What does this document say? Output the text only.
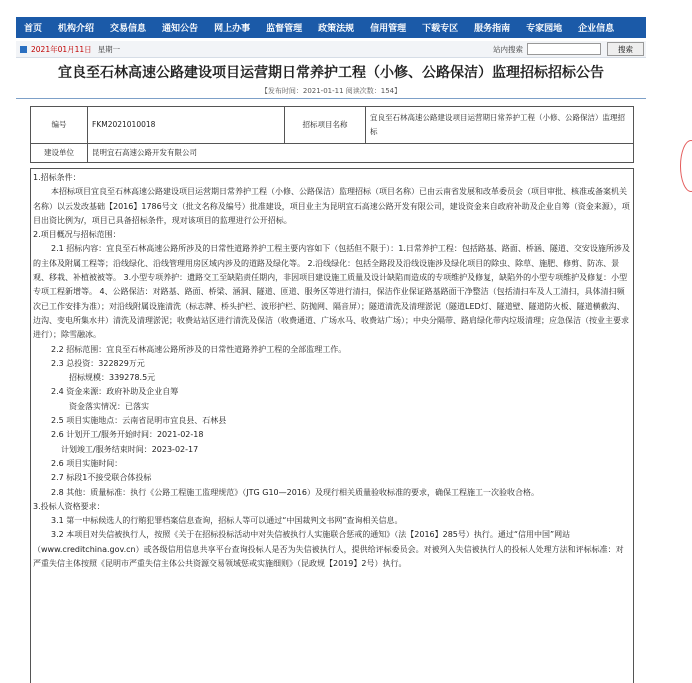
首页	机构介绍	交易信息	通知公告	网上办事	监督管理	政策法规	信用管理	下载专区	服务指南	专家园地	企业信息
2021年01月11日 星期一	站内搜索	搜索
宜良至石林高速公路建设项目运营期日常养护工程（小修、公路保洁）监理招标招标公告
【发布时间：2021-01-11 阅读次数：154】
编号	FKM2021010018	招标项目名称	宜良至石林高速公路建设项目运营期日常养护工程（小修、公路保洁）监理招标
建设单位	昆明宜石高速公路开发有限公司		

1.招标条件：

本招标项目宜良至石林高速公路建设项目运营期日常养护工程（小修、公路保洁）监理招标（项目名称）已由云南省发展和改革委员会（项目审批、核准或备案机关名称）以云发改基础【2016】1786号文（批文名称及编号）批准建设，项目业主为昆明宜石高速公路开发有限公司，建设资金来自政府补助及企业自筹（资金来源），项目出资比例为/，项目已具备招标条件，现对该项目的监理进行公开招标。

2.项目概况与招标范围：

2.1 招标内容：宜良至石林高速公路所涉及的日常性道路养护工程主要内容如下（包括但不限于）：1.日常养护工程：包括路基、路面、桥涵、隧道、交安设施所涉及的主体及附属工程等；沿线绿化、沿线管理用房区域内涉及的道路及绿化等。 2.沿线绿化：包括全路段及沿线设施涉及绿化项目的除虫、除草、施肥、修剪、防冻、景观、移栽、补植被被等。 3.小型专项养护：遗路交工至缺陷责任期内，非因项目建设施工质量及设计缺陷而造成的专项维护及修复，缺陷外的小型专项维护及修复：小型专项工程新增等。 4、公路保洁：对路基、路面、桥梁、涵洞、隧道、匝道、服务区等进行清扫，保洁作业保证路基路面干净整洁（包括清扫车及人工清扫，具体清扫频次已工作安排为准）；对沿线附属设施清洗（标志牌、桥头护栏、波形护栏、防抛网、隔音屏）；隧道清洗及清理淤泥（隧道LED灯、隧道壁、隧道防火板、隧道横截沟、边沟、变电所集水井）清洗及清理淤泥；收费站站区进行清洗及保洁（收费通道、广场水马、收费站广场）；中央分隔带、路肩绿化带内垃圾清理；应急保洁（按业主要求进行）；除雪融冰。

2.2 招标范围：宜良至石林高速公路所涉及的日常性道路养护工程的全部监理工作。

2.3 总投资：322829万元

招标规模：339278.5元

2.4 资金来源：政府补助及企业自筹

资金落实情况：已落实

2.5 项目实施地点：云南省昆明市宜良县、石林县

2.6 计划开工/服务开始时间：2021-02-18

计划竣工/服务结束时间：2023-02-17

2.6 项目实施时间：

2.7 标段1不接受联合体投标

2.8 其他：质量标准：执行《公路工程施工监理规范》（JTG G10—2016）及现行相关质量验收标准的要求，确保工程施工一次验收合格。

3.投标人资格要求：

3.1 第一中标候选人的行贿犯罪档案信息查询，招标人等可以通过“中国裁判文书网”查询相关信息。

3.2 本项目对失信被执行人，按照《关于在招标投标活动中对失信被执行人实施联合惩戒的通知》（法【2016】285号）执行。通过“信用中国”网站（www.creditchina.gov.cn）或各级信用信息共享平台查询投标人是否为失信被执行人，提供给评标委员会。对被列入失信被执行人的投标人处理方法和评标标准：对严重失信主体按照《昆明市严重失信主体公共资源交易领域惩戒实施细则》（昆政规【2019】2号）执行。
